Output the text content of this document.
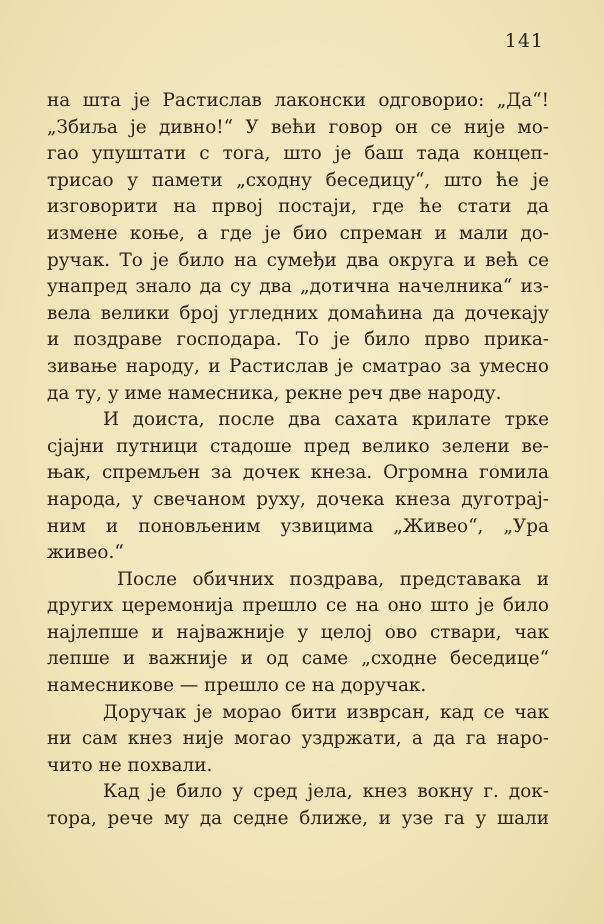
141
на шта је Растислав лаконски одговорио: „Да“!
„Збиља је дивно!“ У већи говор он се није мо-
гао упуштати с тога, што је баш тада концеп-
трисао у памети „сходну беседицу“, што ће је
изговорити на првој постаји, где ће стати да
измене коње, а где је био спреман и мали до-
ручак. То је било на сумеђи два округа и већ се
унапред знало да су два „дотична начелника“ из-
вела велики број угледних домаћина да дочекају
и поздраве господара. То је било прво прика-
зивање народу, и Растислав је сматрао за умесно
да ту, у име намесника, рекне реч две народу.
И доиста, после два сахата крилате трке
сјајни путници стадоше пред велико зелени ве-
њак, спремљен за дочек кнеза. Огромна гомила
народа, у свечаном руху, дочека кнеза дуготрај-
ним и поновљеним узвицима „Живео“, „Ура
живео.“
После обичних поздрава, представака и
других церемонија прешло се на оно што је било
најлепше и најважније у целој ово ствари, чак
лепше и важније и од саме „сходне беседице“
намесникове — прешло се на доручак.
Доручак је морао бити изврсан, кад се чак
ни сам кнез није могао уздржати, а да га наро-
чито не похвали.
Кад је било у сред јела, кнез вокну г. док-
тора, рече му да седне ближе, и узе га у шали
